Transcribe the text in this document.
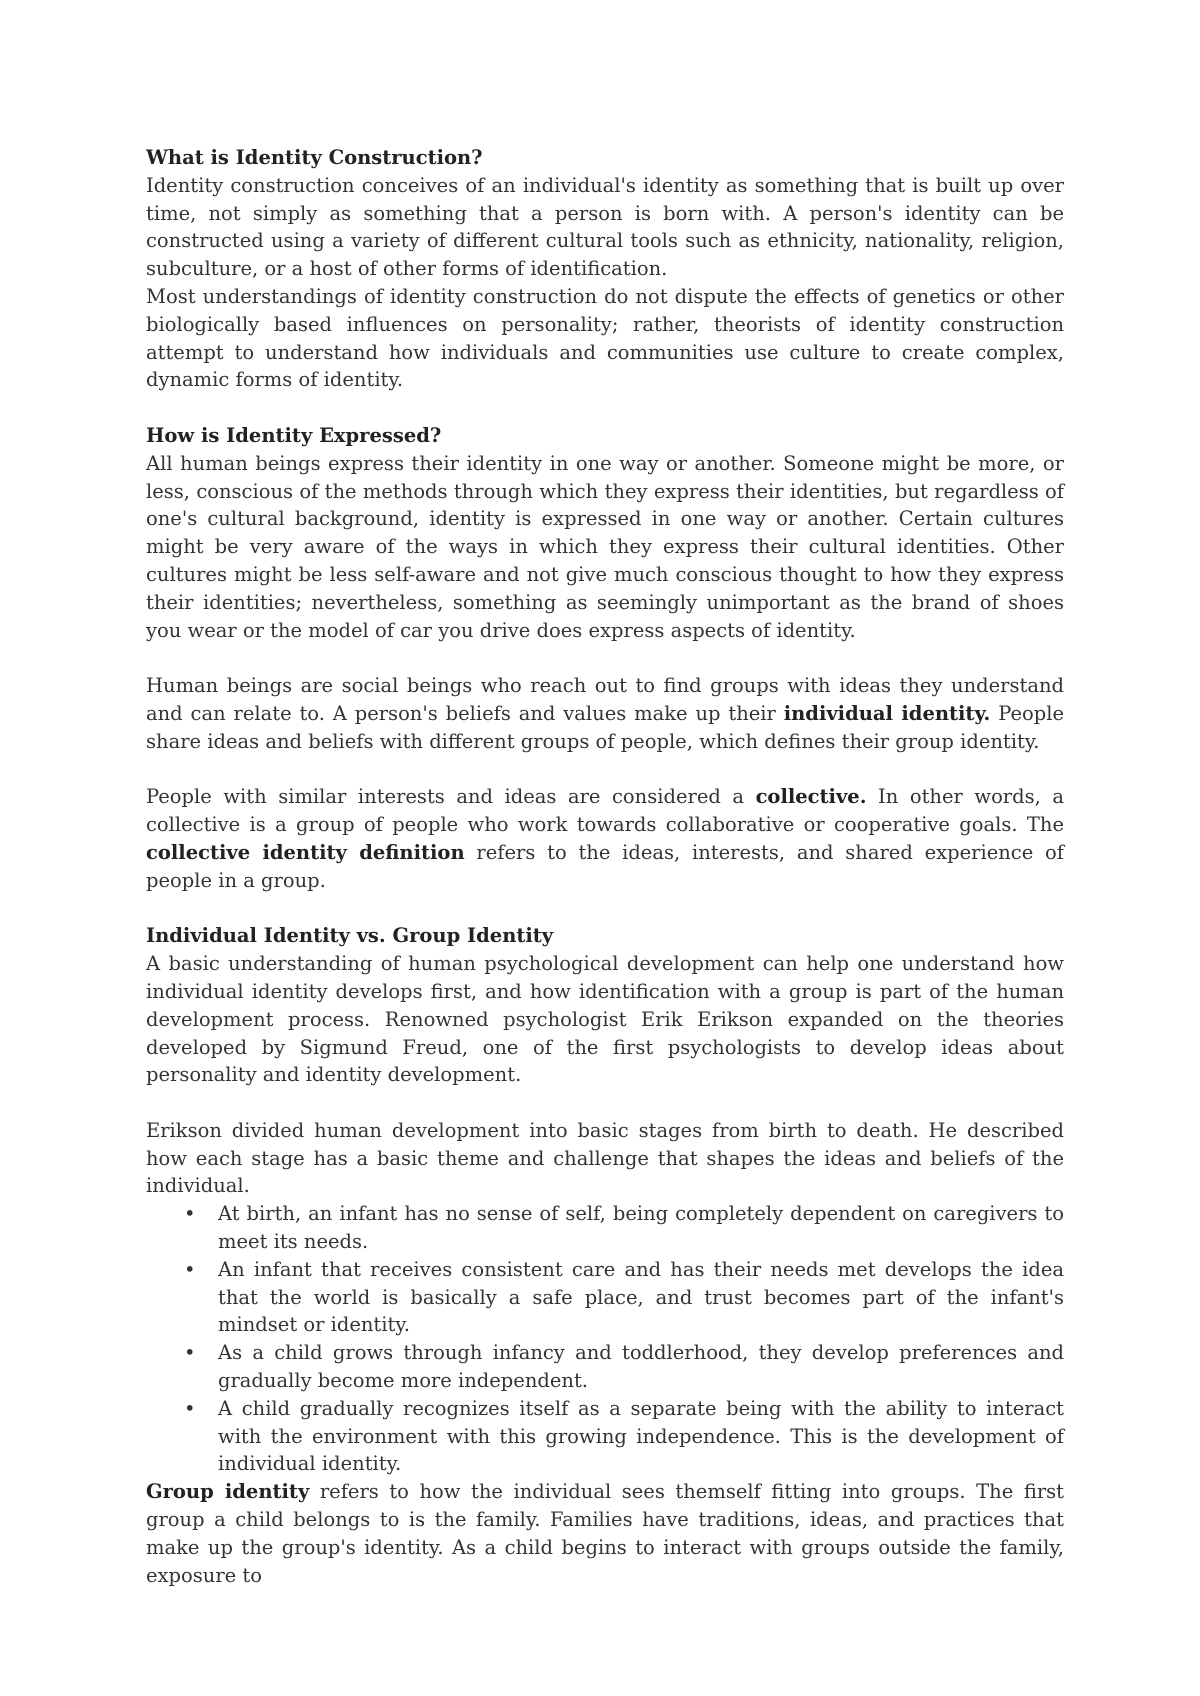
What is Identity Construction?

Identity construction conceives of an individual's identity as something that is built up over time, not simply as something that a person is born with. A person's identity can be constructed using a variety of different cultural tools such as ethnicity, nationality, religion, subculture, or a host of other forms of identification.

Most understandings of identity construction do not dispute the effects of genetics or other biologically based influences on personality; rather, theorists of identity construction attempt to understand how individuals and communities use culture to create complex, dynamic forms of identity.

How is Identity Expressed?

All human beings express their identity in one way or another. Someone might be more, or less, conscious of the methods through which they express their identities, but regardless of one's cultural background, identity is expressed in one way or another. Certain cultures might be very aware of the ways in which they express their cultural identities. Other cultures might be less self-aware and not give much conscious thought to how they express their identities; nevertheless, something as seemingly unimportant as the brand of shoes you wear or the model of car you drive does express aspects of identity.

Human beings are social beings who reach out to find groups with ideas they understand and can relate to. A person's beliefs and values make up their individual identity. People share ideas and beliefs with different groups of people, which defines their group identity.

People with similar interests and ideas are considered a collective. In other words, a collective is a group of people who work towards collaborative or cooperative goals. The collective identity definition refers to the ideas, interests, and shared experience of people in a group.

Individual Identity vs. Group Identity

A basic understanding of human psychological development can help one understand how individual identity develops first, and how identification with a group is part of the human development process. Renowned psychologist Erik Erikson expanded on the theories developed by Sigmund Freud, one of the first psychologists to develop ideas about personality and identity development.

Erikson divided human development into basic stages from birth to death. He described how each stage has a basic theme and challenge that shapes the ideas and beliefs of the individual.

• At birth, an infant has no sense of self, being completely dependent on caregivers to meet its needs.
• An infant that receives consistent care and has their needs met develops the idea that the world is basically a safe place, and trust becomes part of the infant's mindset or identity.
• As a child grows through infancy and toddlerhood, they develop preferences and gradually become more independent.
• A child gradually recognizes itself as a separate being with the ability to interact with the environment with this growing independence. This is the development of individual identity.

Group identity refers to how the individual sees themself fitting into groups. The first group a child belongs to is the family. Families have traditions, ideas, and practices that make up the group's identity. As a child begins to interact with groups outside the family, exposure to
